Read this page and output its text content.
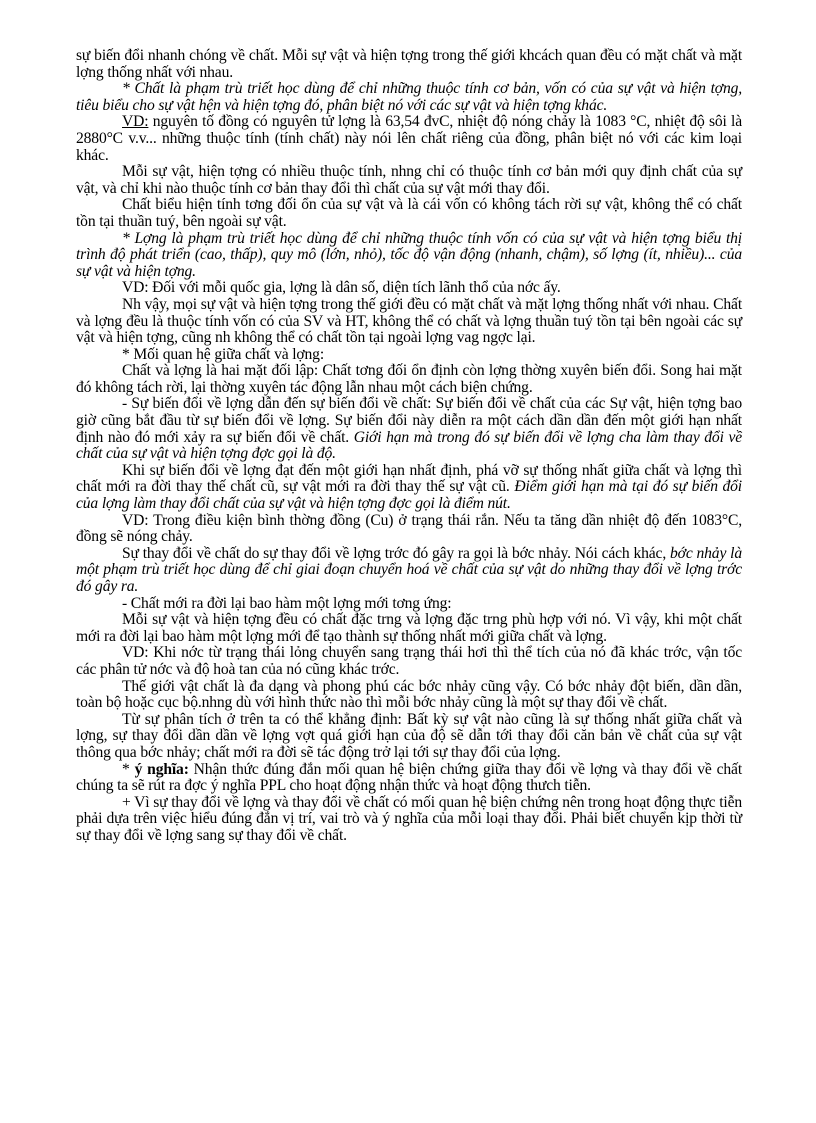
sự biến đổi nhanh chóng về chất. Mỗi sự vật và hiện tợng trong thế giới khcách quan đều có mặt chất và mặt lợng thống nhất với nhau.

* Chất là phạm trù triết học dùng để chỉ những thuộc tính cơ bản, vốn có của sự vật và hiện tợng, tiêu biểu cho sự vật hện và hiện tợng đó, phân biệt nó với các sự vật và hiện tợng khác.

VD: nguyên tố đồng có nguyên tử lợng là 63,54 đvC, nhiệt độ nóng chảy là 1083 °C, nhiệt độ sôi là 2880°C v.v... những thuộc tính (tính chất) này nói lên chất riêng của đồng, phân biệt nó với các kim loại khác.

Mỗi sự vật, hiện tợng có nhiều thuộc tính, nhng chỉ có thuộc tính cơ bản mới quy định chất của sự vật, và chỉ khi nào thuộc tính cơ bản thay đổi thì chất của sự vật mới thay đổi.

Chất biểu hiện tính tơng đối ổn của sự vật và là cái vốn có không tách rời sự vật, không thể có chất tồn tại thuần tuý, bên ngoài sự vật.

* Lợng là phạm trù triết học dùng để chỉ những thuộc tính vốn có của sự vật và hiện tợng biểu thị trình độ phát triển (cao, thấp), quy mô (lớn, nhỏ), tốc độ vận động (nhanh, chậm), số lợng (ít, nhiều)... của sự vật và hiện tợng.

VD: Đối với mỗi quốc gia, lợng là dân số, diện tích lãnh thổ của nớc ấy.

Nh vậy, mọi sự vật và hiện tợng trong thế giới đều có mặt chất và mặt lợng thống nhất với nhau. Chất và lợng đều là thuộc tính vốn có của SV và HT, không thể có chất và lợng thuần tuý tồn tại bên ngoài các sự vật và hiện tợng, cũng nh không thể có chất tồn tại ngoài lợng vag ngợc lại.

* Mối quan hệ giữa chất và lợng:

Chất và lợng là hai mặt đối lập: Chất tơng đối ổn định còn lợng thờng xuyên biến đổi. Song hai mặt đó không tách rời, lại thờng xuyên tác động lẫn nhau một cách biện chứng.

- Sự biến đổi về lợng dẫn đến sự biến đổi về chất: Sự biến đổi về chất của các Sự vật, hiện tợng bao giờ cũng bắt đầu từ sự biến đổi về lợng. Sự biến đổi này diễn ra một cách dần dần đến một giới hạn nhất định nào đó mới xảy ra sự biến đổi về chất. Giới hạn mà trong đó sự biến đổi về lợng cha làm thay đổi về chất của sự vật và hiện tợng đợc gọi là độ.

Khi sự biến đổi về lợng đạt đến một giới hạn nhất định, phá vỡ sự thống nhất giữa chất và lợng thì chất mới ra đời thay thế chất cũ, sự vật mới ra đời thay thế sự vật cũ. Điểm giới hạn mà tại đó sự biến đổi của lợng làm thay đổi chất của sự vật và hiện tợng đợc gọi là điểm nút.

VD: Trong điều kiện bình thờng đồng (Cu) ở trạng thái rắn. Nếu ta tăng dần nhiệt độ đến 1083°C, đồng sẽ nóng chảy.

Sự thay đổi về chất do sự thay đổi về lợng trớc đó gây ra gọi là bớc nhảy. Nói cách khác, bớc nhảy là một phạm trù triết học dùng để chỉ giai đoạn chuyển hoá về chất của sự vật do những thay đổi về lợng trớc đó gây ra.

- Chất mới ra đời lại bao hàm một lợng mới tơng ứng:

Mỗi sự vật và hiện tợng đều có chất đặc trng và lợng đặc trng phù hợp với nó. Vì vậy, khi một chất mới ra đời lại bao hàm một lợng mới để tạo thành sự thống nhất mới giữa chất và lợng.

VD: Khi nớc từ trạng thái lỏng chuyển sang trạng thái hơi thì thể tích của nó đã khác trớc, vận tốc các phân tử nớc và độ hoà tan của nó cũng khác trớc.

Thế giới vật chất là đa dạng và phong phú các bớc nhảy cũng vậy. Có bớc nhảy đột biến, dần dần, toàn bộ hoặc cục bộ.nhng dù với hình thức nào thì mỗi bớc nhảy cũng là một sự thay đổi về chất.

Từ sự phân tích ở trên ta có thể khẳng định: Bất kỳ sự vật nào cũng là sự thống nhất giữa chất và lợng, sự thay đổi dần dần về lợng vợt quá giới hạn của độ sẽ dẫn tới thay đổi căn bản về chất của sự vật thông qua bớc nhảy; chất mới ra đời sẽ tác động trở lại tới sự thay đổi của lợng.

* ý nghĩa: Nhận thức đúng đắn mối quan hệ biện chứng giữa thay đổi về lợng và thay đổi về chất chúng ta sẽ rút ra đợc ý nghĩa PPL cho hoạt động nhận thức và hoạt động thưch tiễn.

+ Vì sự thay đổi về lợng và thay đổi về chất có mối quan hệ biện chứng nên trong hoạt động thực tiễn phải dựa trên việc hiểu đúng đắn vị trí, vai trò và ý nghĩa của mỗi loại thay đổi. Phải biết chuyển kịp thời từ sự thay đổi về lợng sang sự thay đổi về chất.
